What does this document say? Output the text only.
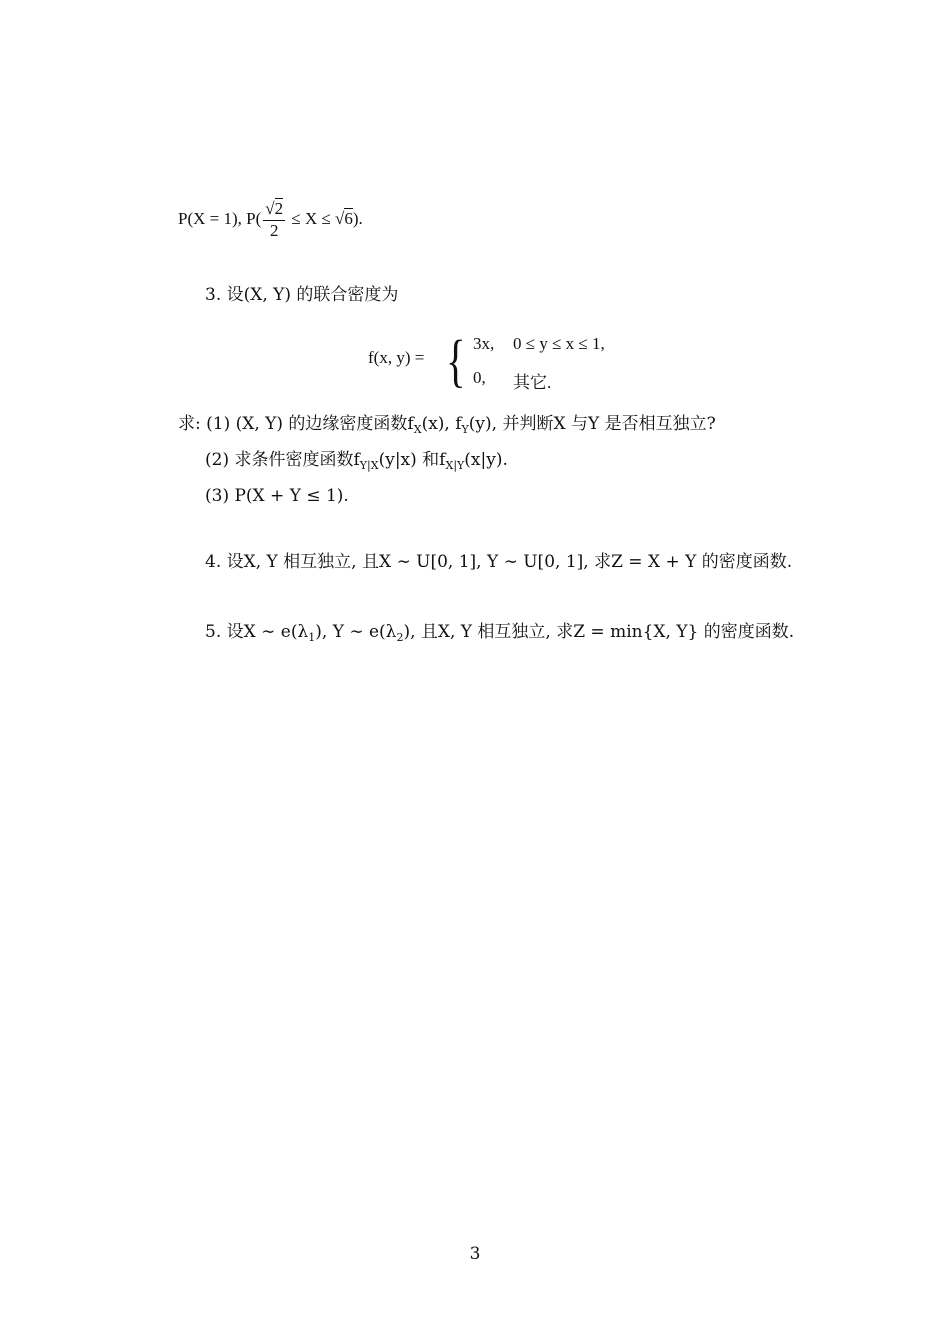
P(X = 1), $P( \frac{√2}{2} \le X \le √6)$.
3. 设(X, Y) 的联合密度为
f(x, y) = { 3x, 0 ≤ y ≤ x ≤ 1,
0, 其它.
求: (1) (X, Y) 的边缘密度函数$f_X(x)$, $f_Y(y)$, 并判断X 与Y 是否相互独立?
(2) 求条件密度函数$f_{Y|X}(y|x)$ 和$f_{X|Y}(x|y)$.
(3) P(X + Y ≤ 1).
4. 设X, Y 相互独立, 且X ∼ U[0, 1], Y ∼ U[0, 1], 求Z = X + Y 的密度函数.
5. 设X ∼ $e(\lambda_1)$, Y ∼ $e(\lambda_2)$, 且X, Y 相互独立, 求Z = min{X, Y} 的密度函数.
3
